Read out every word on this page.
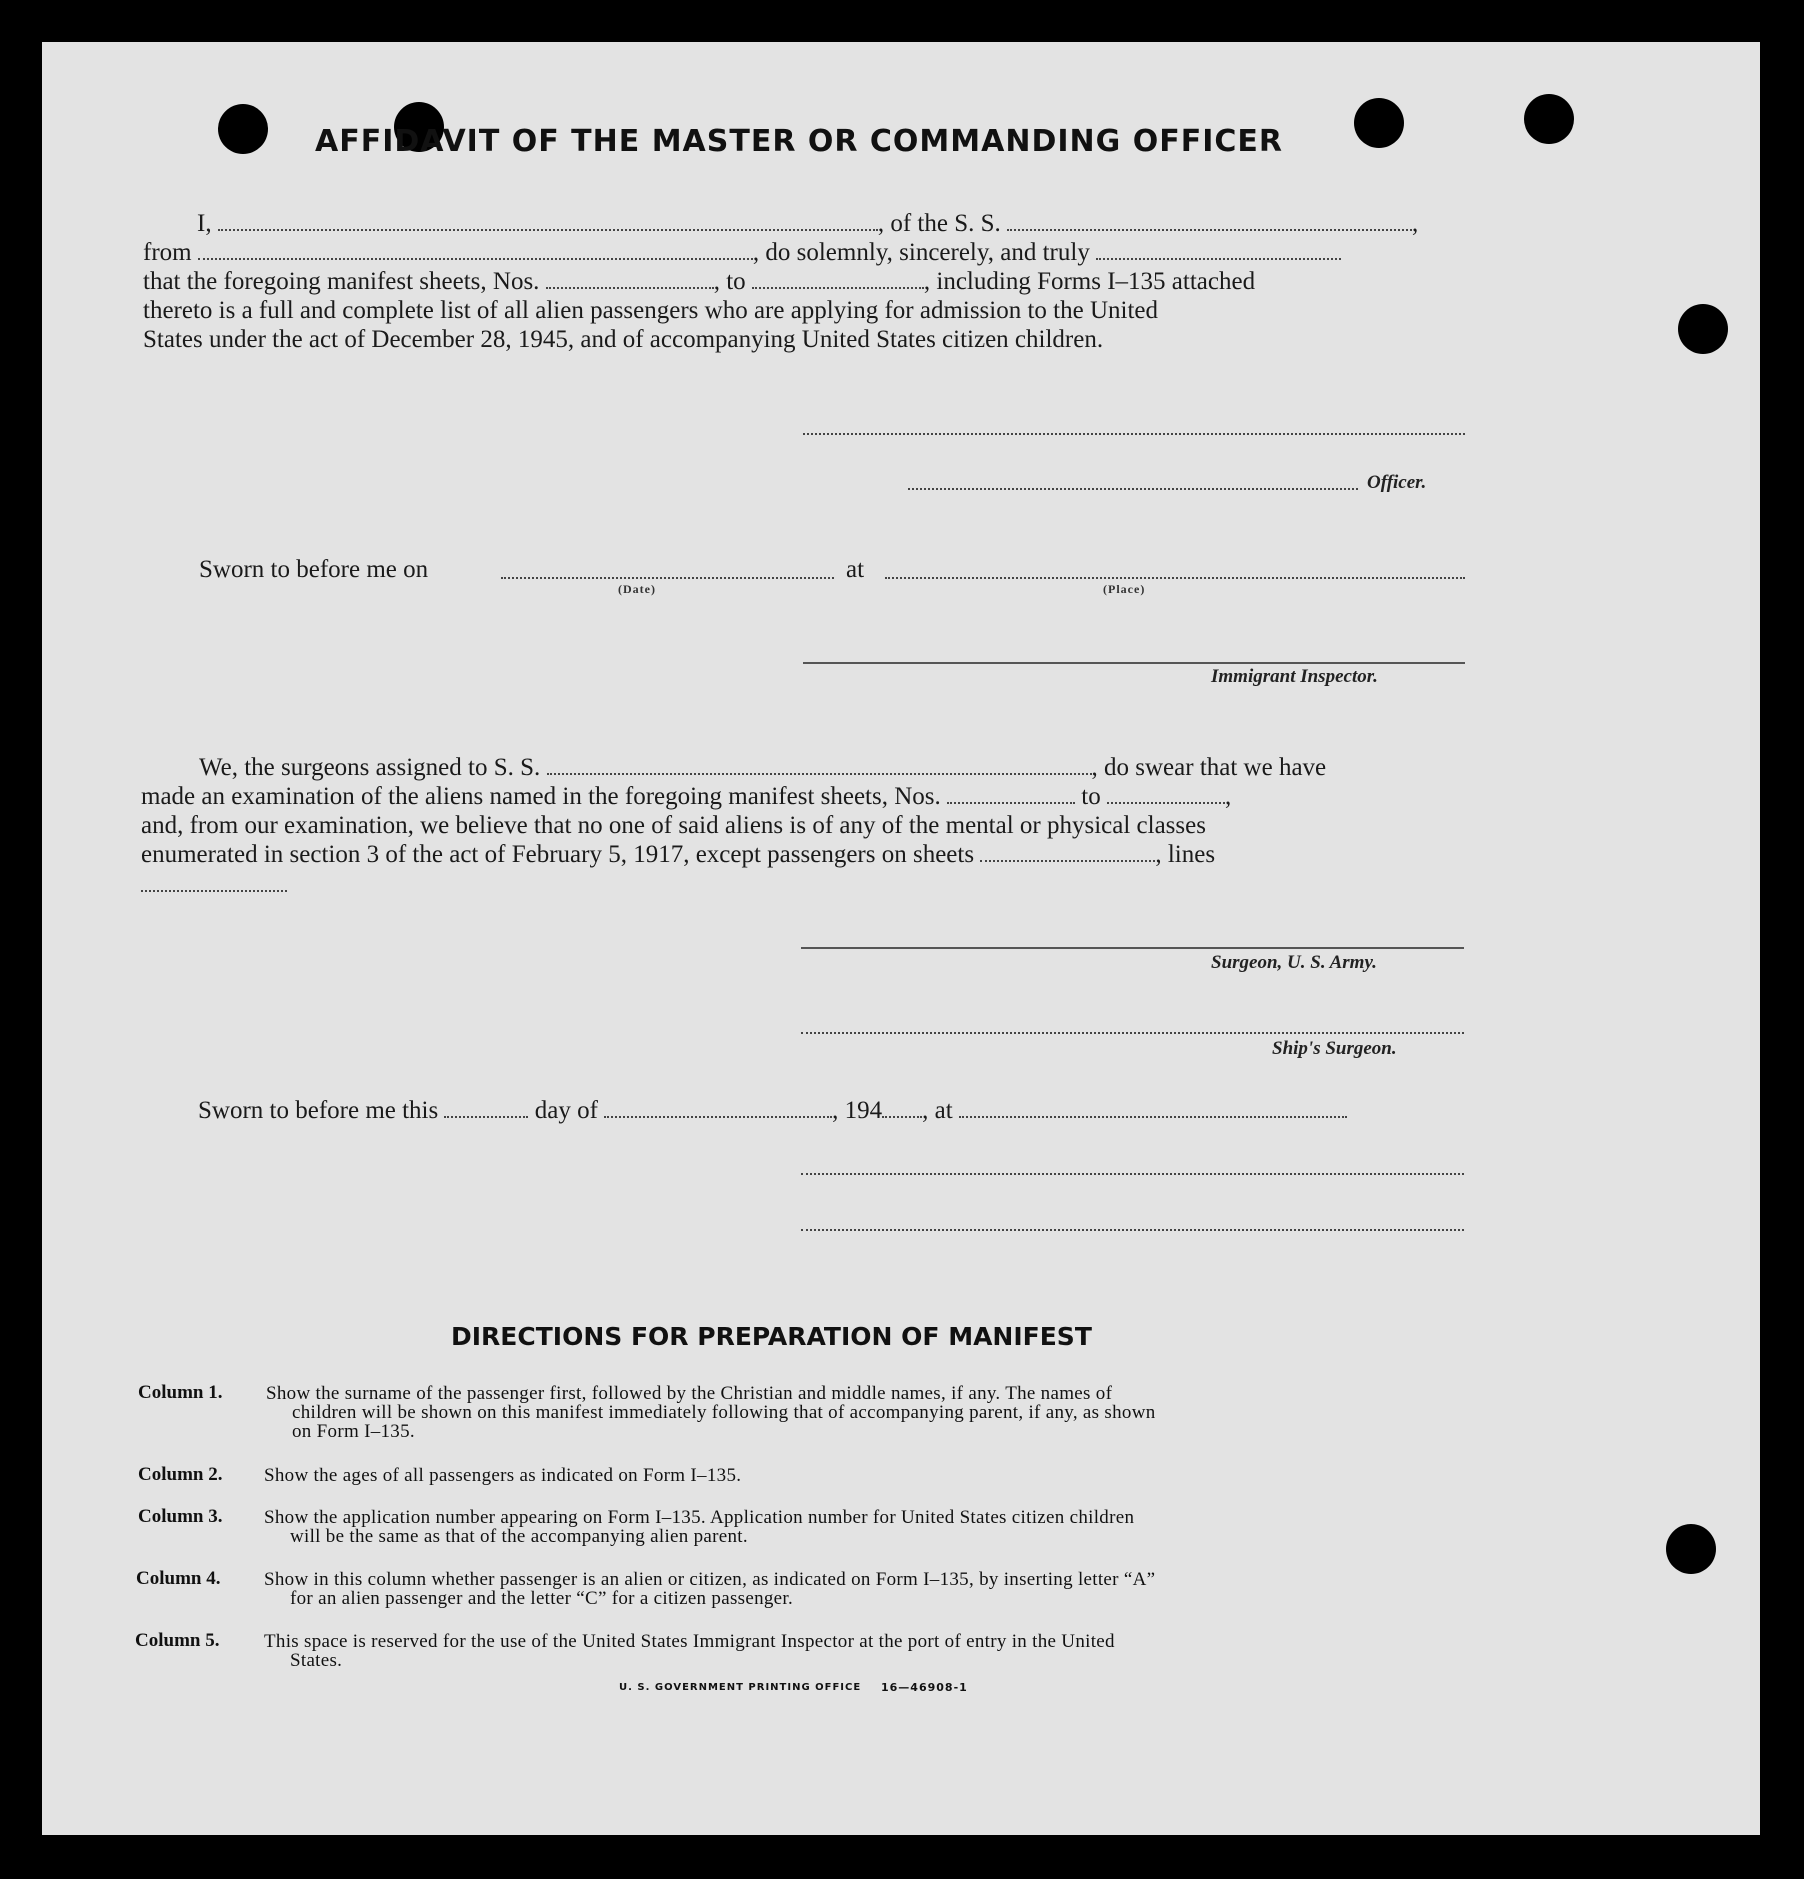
AFFIDAVIT OF THE MASTER OR COMMANDING OFFICER
I,	, of the S. S.	,
from	, do solemnly, sincerely, and truly
that the foregoing manifest sheets, Nos.	, to	, including Forms I–135 attached
thereto is a full and complete list of all alien passengers who are applying for admission to the United
States under the act of December 28, 1945, and of accompanying United States citizen children.
Officer.
Sworn to before me on	at
(Date)	(Place)
Immigrant Inspector.
We, the surgeons assigned to S. S.	, do swear that we have
made an examination of the aliens named in the foregoing manifest sheets, Nos.	to	,
and, from our examination, we believe that no one of said aliens is of any of the mental or physical classes
enumerated in section 3 of the act of February 5, 1917, except passengers on sheets	, lines
Surgeon, U. S. Army.
Ship's Surgeon.
Sworn to before me this	day of	, 194 , at
DIRECTIONS FOR PREPARATION OF MANIFEST
Column 1. Show the surname of the passenger first, followed by the Christian and middle names, if any. The names of
children will be shown on this manifest immediately following that of accompanying parent, if any, as shown
on Form I–135.
Column 2. Show the ages of all passengers as indicated on Form I–135.
Column 3. Show the application number appearing on Form I–135. Application number for United States citizen children
will be the same as that of the accompanying alien parent.
Column 4. Show in this column whether passenger is an alien or citizen, as indicated on Form I–135, by inserting letter “A”
for an alien passenger and the letter “C” for a citizen passenger.
Column 5. This space is reserved for the use of the United States Immigrant Inspector at the port of entry in the United
States.
U. S. GOVERNMENT PRINTING OFFICE 16—46908-1
